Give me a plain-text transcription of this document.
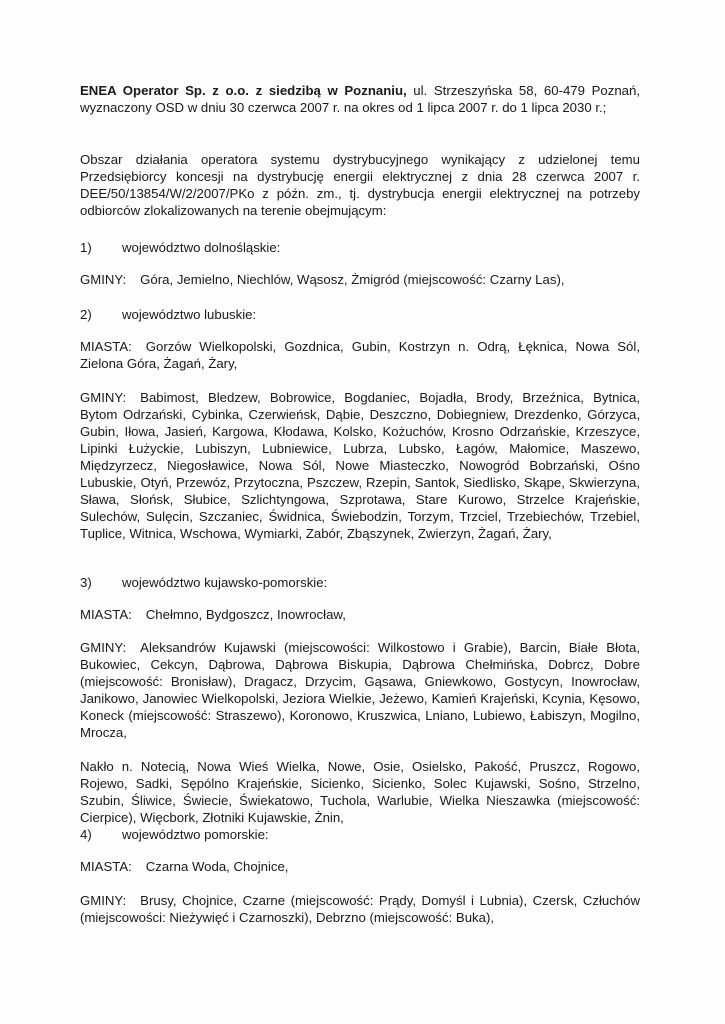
ENEA Operator Sp. z o.o. z siedzibą w Poznaniu, ul. Strzeszyńska 58, 60-479 Poznań, wyznaczony OSD w dniu 30 czerwca 2007 r. na okres od 1 lipca 2007 r. do 1 lipca 2030 r.;

Obszar działania operatora systemu dystrybucyjnego wynikający z udzielonej temu Przedsiębiorcy koncesji na dystrybucję energii elektrycznej z dnia 28 czerwca 2007 r. DEE/50/13854/W/2/2007/PKo z późn. zm., tj. dystrybucja energii elektrycznej na potrzeby odbiorców zlokalizowanych na terenie obejmującym:

1) województwo dolnośląskie:

GMINY: Góra, Jemielno, Niechlów, Wąsosz, Żmigród (miejscowość: Czarny Las),

2) województwo lubuskie:

MIASTA: Gorzów Wielkopolski, Gozdnica, Gubin, Kostrzyn n. Odrą, Łęknica, Nowa Sól, Zielona Góra, Żagań, Żary,

GMINY: Babimost, Bledzew, Bobrowice, Bogdaniec, Bojadła, Brody, Brzeźnica, Bytnica, Bytom Odrzański, Cybinka, Czerwieńsk, Dąbie, Deszczno, Dobiegniew, Drezdenko, Górzyca, Gubin, Iłowa, Jasień, Kargowa, Kłodawa, Kolsko, Kożuchów, Krosno Odrzańskie, Krzeszyce, Lipinki Łużyckie, Lubiszyn, Lubniewice, Lubrza, Lubsko, Łagów, Małomice, Maszewo, Międzyrzecz, Niegosławice, Nowa Sól, Nowe Miasteczko, Nowogród Bobrzański, Ośno Lubuskie, Otyń, Przewóz, Przytoczna, Pszczew, Rzepin, Santok, Siedlisko, Skąpe, Skwierzyna, Sława, Słońsk, Słubice, Szlichtyngowa, Szprotawa, Stare Kurowo, Strzelce Krajeńskie, Sulechów, Sulęcin, Szczaniec, Świdnica, Świebodzin, Torzym, Trzciel, Trzebiechów, Trzebiel, Tuplice, Witnica, Wschowa, Wymiarki, Zabór, Zbąszynek, Zwierzyn, Żagań, Żary,

3) województwo kujawsko-pomorskie:

MIASTA: Chełmno, Bydgoszcz, Inowrocław,

GMINY: Aleksandrów Kujawski (miejscowości: Wilkostowo i Grabie), Barcin, Białe Błota, Bukowiec, Cekcyn, Dąbrowa, Dąbrowa Biskupia, Dąbrowa Chełmińska, Dobrcz, Dobre (miejscowość: Bronisław), Dragacz, Drzycim, Gąsawa, Gniewkowo, Gostycyn, Inowrocław, Janikowo, Janowiec Wielkopolski, Jeziora Wielkie, Jeżewo, Kamień Krajeński, Kcynia, Kęsowo, Koneck (miejscowość: Straszewo), Koronowo, Kruszwica, Lniano, Lubiewo, Łabiszyn, Mogilno, Mrocza,

Nakło n. Notecią, Nowa Wieś Wielka, Nowe, Osie, Osielsko, Pakość, Pruszcz, Rogowo, Rojewo, Sadki, Sępólno Krajeńskie, Sicienko, Sicienko, Solec Kujawski, Sośno, Strzelno, Szubin, Śliwice, Świecie, Świekatowo, Tuchola, Warlubie, Wielka Nieszawka (miejscowość: Cierpice), Więcbork, Złotniki Kujawskie, Żnin,

4) województwo pomorskie:

MIASTA: Czarna Woda, Chojnice,

GMINY: Brusy, Chojnice, Czarne (miejscowość: Prądy, Domyśl i Lubnia), Czersk, Człuchów (miejscowości: Nieżywięć i Czarnoszki), Debrzno (miejscowość: Buka),
